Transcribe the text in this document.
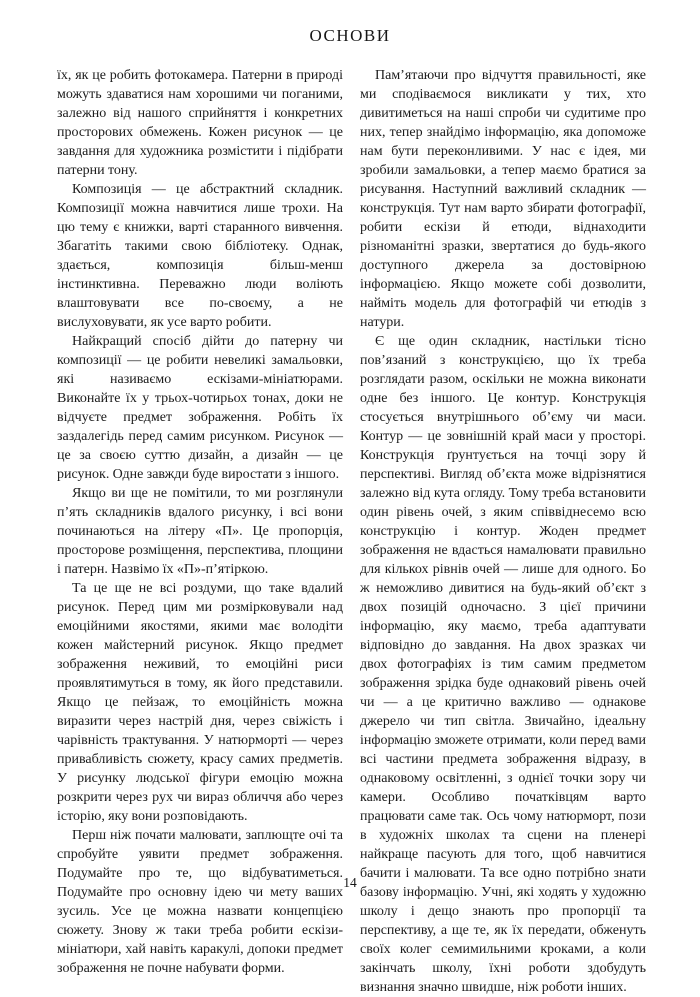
ОСНОВИ

їх, як це робить фотокамера. Патерни в природі можуть здаватися нам хорошими чи поганими, залежно від нашого сприйняття і конкретних просторових обмежень. Кожен рисунок — це завдання для художника розмістити і підібрати патерни тону.

Композиція — це абстрактний складник. Композиції можна навчитися лише трохи. На цю тему є книжки, варті старанного вивчення. Збагатіть такими свою бібліотеку. Однак, здається, композиція більш-менш інстинктивна. Переважно люди воліють влаштовувати все по-своєму, а не вислуховувати, як усе варто робити.

Найкращий спосіб дійти до патерну чи композиції — це робити невеликі замальовки, які називаємо ескізами-мініатюрами. Виконайте їх у трьох-чотирьох тонах, доки не відчуєте предмет зображення. Робіть їх заздалегідь перед самим рисунком. Рисунок — це за своєю суттю дизайн, а дизайн — це рисунок. Одне завжди буде виростати з іншого.

Якщо ви ще не помітили, то ми розглянули п’ять складників вдалого рисунку, і всі вони починаються на літеру «П». Це пропорція, просторове розміщення, перспектива, площини і патерн. Назвімо їх «П»-п’ятіркою.

Та це ще не всі роздуми, що таке вдалий рисунок. Перед цим ми розмірковували над емоційними якостями, якими має володіти кожен майстерний рисунок. Якщо предмет зображення неживий, то емоційні риси проявлятимуться в тому, як його представили. Якщо це пейзаж, то емоційність можна виразити через настрій дня, через свіжість і чарівність трактування. У натюрморті — через привабливість сюжету, красу самих предметів. У рисунку людської фігури емоцію можна розкрити через рух чи вираз обличчя або через історію, яку вони розповідають.

Перш ніж почати малювати, заплющте очі та спробуйте уявити предмет зображення. Подумайте про те, що відбуватиметься. Подумайте про основну ідею чи мету ваших зусиль. Усе це можна назвати концепцією сюжету. Знову ж таки треба робити ескізи-мініатюри, хай навіть каракулі, допоки предмет зображення не почне набувати форми.

Пам’ятаючи про відчуття правильності, яке ми сподіваємося викликати у тих, хто дивитиметься на наші спроби чи судитиме про них, тепер знайдімо інформацію, яка допоможе нам бути переконливими. У нас є ідея, ми зробили замальовки, а тепер маємо братися за рисування. Наступний важливий складник — конструкція. Тут нам варто збирати фотографії, робити ескізи й етюди, віднаходити різноманітні зразки, звертатися до будь-якого доступного джерела за достовірною інформацією. Якщо можете собі дозволити, найміть модель для фотографій чи етюдів з натури.

Є ще один складник, настільки тісно пов’язаний з конструкцією, що їх треба розглядати разом, оскільки не можна виконати одне без іншого. Це контур. Конструкція стосується внутрішнього об’єму чи маси. Контур — це зовнішній край маси у просторі. Конструкція ґрунтується на точці зору й перспективі. Вигляд об’єкта може відрізнятися залежно від кута огляду. Тому треба встановити один рівень очей, з яким співвіднесемо всю конструкцію і контур. Жоден предмет зображення не вдасться намалювати правильно для кількох рівнів очей — лише для одного. Бо ж неможливо дивитися на будь-який об’єкт з двох позицій одночасно. З цієї причини інформацію, яку маємо, треба адаптувати відповідно до завдання. На двох зразках чи двох фотографіях із тим самим предметом зображення зрідка буде однаковий рівень очей чи — а це критично важливо — однакове джерело чи тип світла. Звичайно, ідеальну інформацію зможете отримати, коли перед вами всі частини предмета зображення відразу, в однаковому освітленні, з однієї точки зору чи камери. Особливо початківцям варто працювати саме так. Ось чому натюрморт, пози в художніх школах та сцени на пленері найкраще пасують для того, щоб навчитися бачити і малювати. Та все одно потрібно знати базову інформацію. Учні, які ходять у художню школу і дещо знають про пропорції та перспективу, а ще те, як їх передати, обженуть своїх колег семимильними кроками, а коли закінчать школу, їхні роботи здобудуть визнання значно швидше, ніж роботи інших.

14
